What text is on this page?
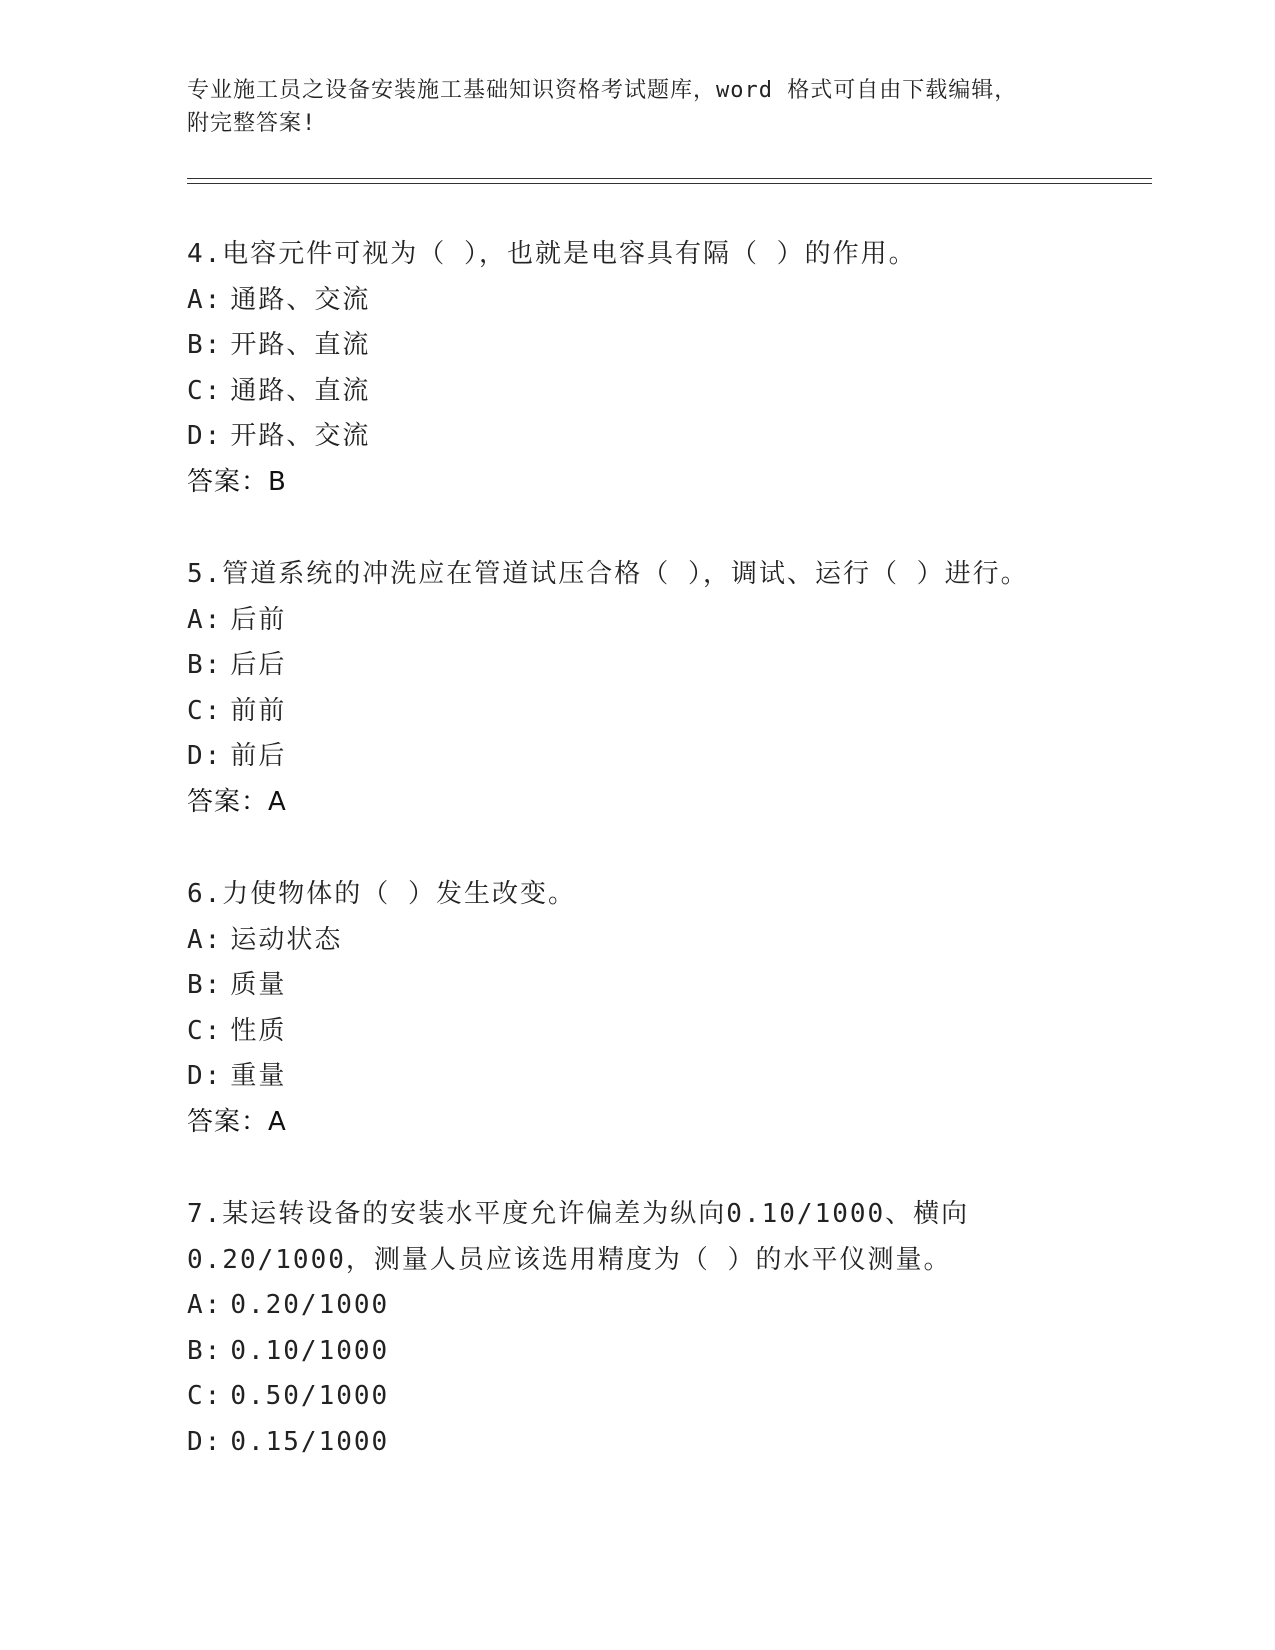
专业施工员之设备安装施工基础知识资格考试题库，word 格式可自由下载编辑，
附完整答案!
4.电容元件可视为（ ），也就是电容具有隔（ ）的作用。
A: 通路、交流
B: 开路、直流
C: 通路、直流
D: 开路、交流
答案：B
5.管道系统的冲洗应在管道试压合格（ ），调试、运行（ ）进行。
A: 后前
B: 后后
C: 前前
D: 前后
答案：A
6.力使物体的（ ）发生改变。
A: 运动状态
B: 质量
C: 性质
D: 重量
答案：A
7.某运转设备的安装水平度允许偏差为纵向0.10/1000、横向
0.20/1000，测量人员应该选用精度为（ ）的水平仪测量。
A: 0.20/1000
B: 0.10/1000
C: 0.50/1000
D: 0.15/1000
